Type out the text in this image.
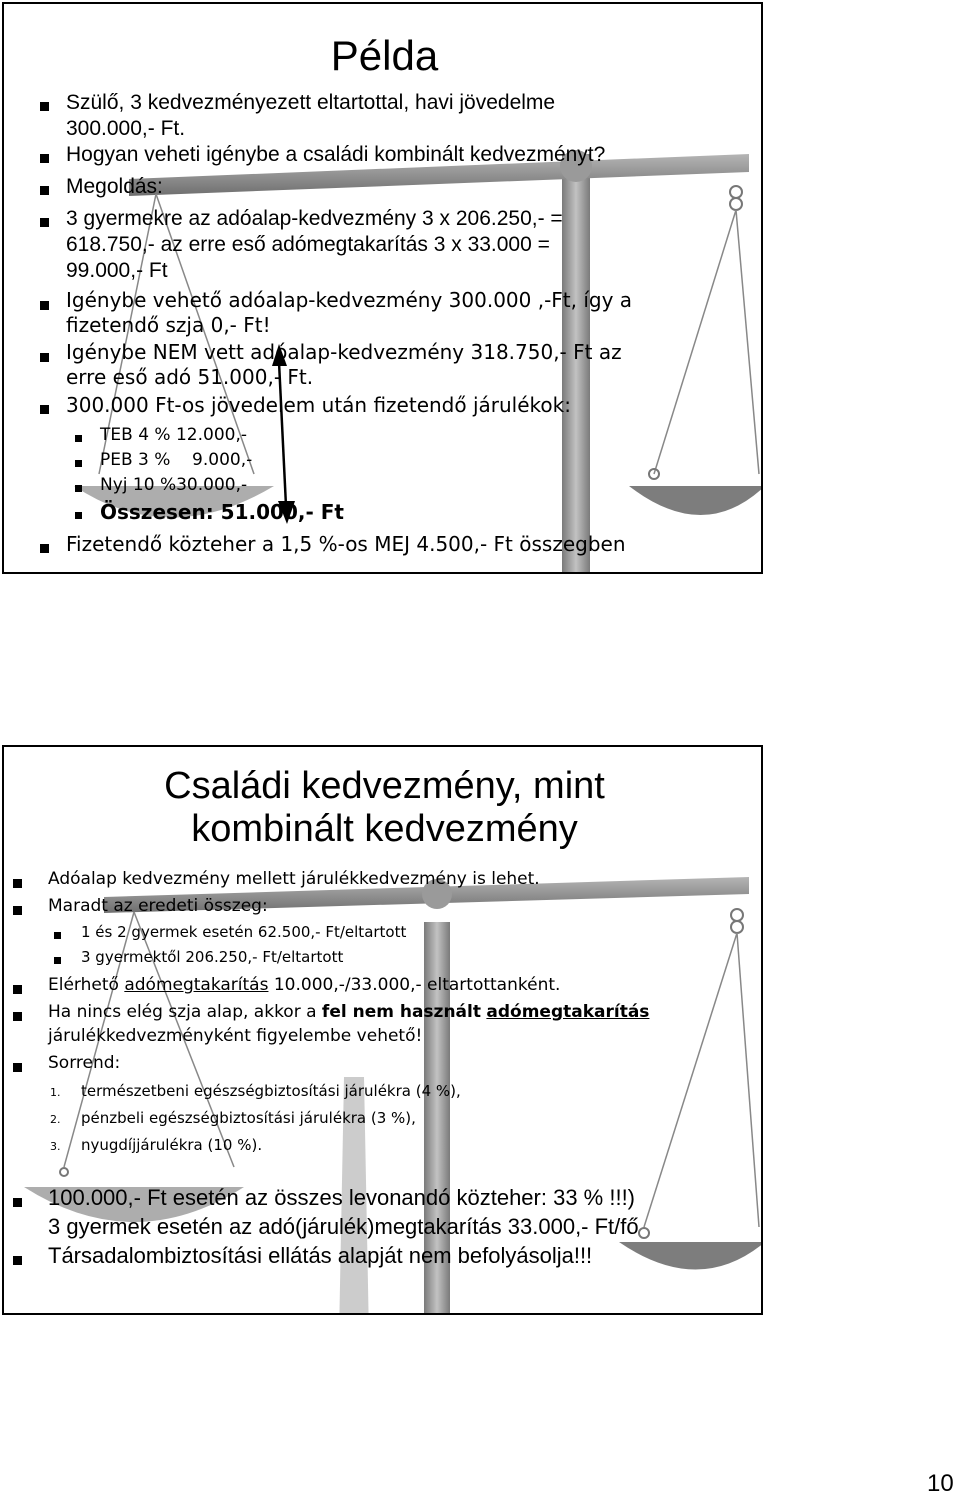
Példa
Szülő, 3 kedvezményezett eltartottal, havi jövedelme
300.000,- Ft.
Hogyan veheti igénybe a családi kombinált kedvezményt?
Megoldás:
3 gyermekre az adóalap-kedvezmény 3 x 206.250,- =
618.750,- az erre eső adómegtakarítás 3 x 33.000 =
99.000,- Ft
Igénybe vehető adóalap-kedvezmény 300.000 ,-Ft, így a
fizetendő szja 0,- Ft!
Igénybe NEM vett adóalap-kedvezmény 318.750,- Ft az
erre eső adó 51.000,- Ft.
300.000 Ft-os jövedelem után fizetendő járulékok:
TEB 4 % 12.000,-
PEB 3 %    9.000,-
Nyj 10 %30.000,-
Összesen: 51.000,- Ft
Fizetendő közteher a 1,5 %-os MEJ 4.500,- Ft összegben
Családi kedvezmény, mint
kombinált kedvezmény
Adóalap kedvezmény mellett járulékkedvezmény is lehet.
Maradt az eredeti összeg:
1 és 2 gyermek esetén 62.500,- Ft/eltartott
3 gyermektől 206.250,- Ft/eltartott
Elérhető adómegtakarítás 10.000,-/33.000,- eltartottanként.
Ha nincs elég szja alap, akkor a fel nem használt adómegtakarítás
járulékkedvezményként figyelembe vehető!
Sorrend:
1. természetbeni egészségbiztosítási járulékra (4 %),
2. pénzbeli egészségbiztosítási járulékra (3 %),
3. nyugdíjjárulékra (10 %).
100.000,- Ft esetén az összes levonandó közteher: 33 % !!!)
3 gyermek esetén az adó(járulék)megtakarítás 33.000,- Ft/fő
Társadalombiztosítási ellátás alapját nem befolyásolja!!!
10
